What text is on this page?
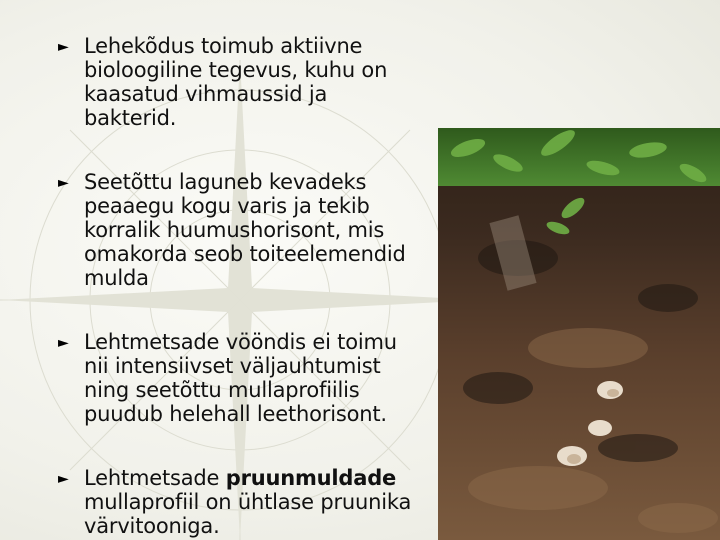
► Lehekõdus toimub aktiivne bioloogiline tegevus, kuhu on kaasatud vihmaussid ja bakterid.
► Seetõttu laguneb kevadeks peaaegu kogu varis ja tekib korralik huumushorisont, mis omakorda seob toiteelemendid mulda
► Lehtmetsade vööndis ei toimu nii intensiivset väljauhtumist ning seetõttu mullaprofiilis puudub helehall leethorisont.
► Lehtmetsade pruunmuldade mullaprofiil on ühtlase pruunika värvitooniga.
